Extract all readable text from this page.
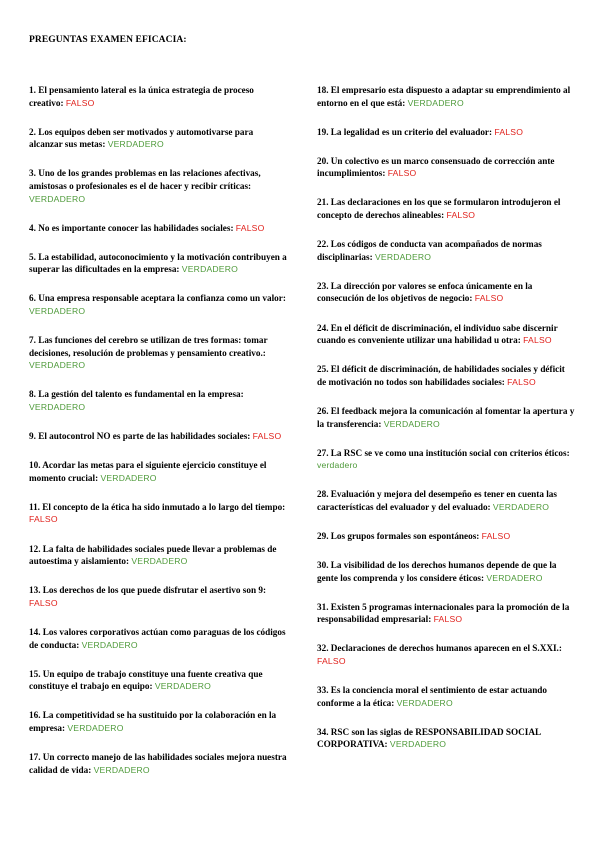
PREGUNTAS EXAMEN EFICACIA:

1. El pensamiento lateral es la única estrategia de proceso creativo: FALSO

2. Los equipos deben ser motivados y automotivarse para alcanzar sus metas: VERDADERO

3. Uno de los grandes problemas en las relaciones afectivas, amistosas o profesionales es el de hacer y recibir críticas: VERDADERO

4. No es importante conocer las habilidades sociales: FALSO

5. La estabilidad, autoconocimiento y la motivación contribuyen a superar las dificultades en la empresa: VERDADERO

6. Una empresa responsable aceptara la confianza como un valor: VERDADERO

7. Las funciones del cerebro se utilizan de tres formas: tomar decisiones, resolución de problemas y pensamiento creativo.: VERDADERO

8. La gestión del talento es fundamental en la empresa: VERDADERO

9. El autocontrol NO es parte de las habilidades sociales: FALSO

10. Acordar las metas para el siguiente ejercicio constituye el momento crucial: VERDADERO

11. El concepto de la ética ha sido inmutado a lo largo del tiempo: FALSO

12. La falta de habilidades sociales puede llevar a problemas de autoestima y aislamiento: VERDADERO

13. Los derechos de los que puede disfrutar el asertivo son 9: FALSO

14. Los valores corporativos actúan como paraguas de los códigos de conducta: VERDADERO

15. Un equipo de trabajo constituye una fuente creativa que constituye el trabajo en equipo: VERDADERO

16. La competitividad se ha sustituido por la colaboración en la empresa: VERDADERO

17. Un correcto manejo de las habilidades sociales mejora nuestra calidad de vida: VERDADERO

18. El empresario esta dispuesto a adaptar su emprendimiento al entorno en el que está: VERDADERO

19. La legalidad es un criterio del evaluador: FALSO

20. Un colectivo es un marco consensuado de corrección ante incumplimientos: FALSO

21. Las declaraciones en los que se formularon introdujeron el concepto de derechos alineables: FALSO

22. Los códigos de conducta van acompañados de normas disciplinarias: VERDADERO

23. La dirección por valores se enfoca únicamente en la consecución de los objetivos de negocio: FALSO

24. En el déficit de discriminación, el individuo sabe discernir cuando es conveniente utilizar una habilidad u otra: FALSO

25. El déficit de discriminación, de habilidades sociales y déficit de motivación no todos son habilidades sociales: FALSO

26. El feedback mejora la comunicación al fomentar la apertura y la transferencia: VERDADERO

27. La RSC se ve como una institución social con criterios éticos: verdadero

28. Evaluación y mejora del desempeño es tener en cuenta las características del evaluador y del evaluado: VERDADERO

29. Los grupos formales son espontáneos: FALSO

30. La visibilidad de los derechos humanos depende de que la gente los comprenda y los considere éticos: VERDADERO

31. Existen 5 programas internacionales para la promoción de la responsabilidad empresarial: FALSO

32. Declaraciones de derechos humanos aparecen en el S.XXI.: FALSO

33. Es la conciencia moral el sentimiento de estar actuando conforme a la ética: VERDADERO

34. RSC son las siglas de RESPONSABILIDAD SOCIAL CORPORATIVA: VERDADERO
